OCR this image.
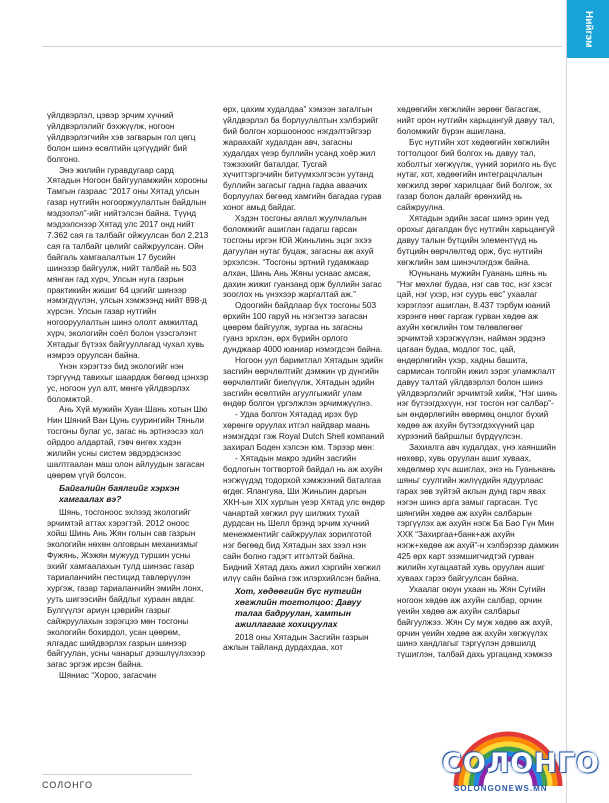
Нийгэм

үйлдвэрлэл, цэвэр эрчим хүчний үйлдвэрлэлийг бэхжүүлж, ногоон үйлдвэрлэгчийн хэв загварын гол цөгц болон шинэ өсөлтийн цэгүүдийг бий болгоно.

Энэ жилийн гуравдугаар сард Хятадын Ногоон байгууламжийн хорооны Тамгын газраас “2017 оны Хятад улсын газар нутгийн ногооржуулалтын байдлын мэдээлэл”-ийг нийтэлсэн байна. Түүнд мэдээлснээр Хятад улс 2017 онд нийт 7.362 сая га талбайг ойжуулсан бол 2.213 сая га талбайг цөлийг сайжруулсан. Ойн байгаль хамгаалалтын 17 бусийн шинэзэр байгуулж, нийт талбай нь 503 мянган гад хүрч, Улсын нуга газрын практикийн жишиг 64 цэгийг шинээр нэмэгдүүлэн, улсын хэмжээнд нийт 898-д хүрсэн. Улсын газар нутгийн ногооруулалтын шинэ ололт амжилтад хүрч, экологийн соёл болон үзэсгэлэнт Хятадыг бүтээх байгууллагад чухал хувь нэмрээ оруулсан байна.

Үнэн хэрэгтээ бид экологийг нэн тэргүүнд тавихыг шаардаж бөгөөд цэнхэр ус, ногоон уул алт, мөнгө үйлдвэрлэх боломжтой.

Ань Хүй мужийн Хуан Шань хотын Шю Нин Шяний Ван Цунь суурингийн Тяньли тосгоны булаг ус, загас нь эртнээсээ хол ойрдоо алдартай, гэвч өнгөх хэдэн жилийн усны систем эвдэрдэснээс шалтгаалан маш олон айлуудын загасан цөөрөм үгүй болсон.

Байгалийн баялгийг хэрхэн хамгаалах вэ?

Шянь, тосгоноос эхлээд экологийг эрчимтэй аттах хэрэгтэй. 2012 оноос хойш Шинь Ань Жян голын сав газрын экологийн нөхөн олговрын механизмыг Фужянь, Жэжян мужууд туршин усны эхийг хамгаалахын тулд шинэас газар тариаланчийн пестицид тавлөрүүлэн хургэж, газар тариаланчийн эмийн лонх, ууть шигээсийн байдлыг хураан авдаг. Булгүүлэг ариун цэврийн газрыг сайжруулахын зэрэгцээ мөн тосгоны экологийн бохирдол, усан цөөрөм, ялгадас шийдвэрлэх газрын шинээр байгуулан, усны чанарыг дээшлүүлэхээр загас эргэж ирсэн байна.

Шяниас “Хороо, загасчин

өрх, цахим худалдаа” хэмээн загалгын үйлдвэрлэл ба борлуулалтын хэлбэрийг бий болгон хоршооноос нэгдэлтэйгээр жараахайг худалдан авч, загасны худалдах үеэр буллийн усанд хоёр жил тэжээхийг баталдаг. Тусгай хүчиттэргэчийн битүүмхэлгэсэн уутанд буллийн загасыг гадна гадаа аваачих борлуулах бөгөөд хамгийн багадаа гурав хоног амьд байдаг.

Хэдэн тосгоны аялал жуулчлалын боломжийг ашиглан гадагш гарсан тосгоны иргэн Юй Жиньлинь эцэг эхээ дагуулан нутаг буцаж, загасны аж ахуй эрхэлсэн. “Тосгоны эртний гудамжаар алхан, Шинь Ань Жяны уснаас амсаж, дахин жижиг гуанзанд орж буллийн загас зооглох нь үнэхээр жаргалтай аж.”

Одоогийн байдлаар бүх тосгоны 503 өрхийн 100 гаруй нь нэгэнтээ загасан цөөрөм байгуулж, зургаа нь загасны гуанз эрхлэн, өрх бүрийн орлого дунджаар 4000 юаниар нэмэгдсэн байна.

Ногоон уул баримтлал Хятадын эдийн засгийн өөрчлөлтийг дэмжин үр дүнгийн өөрчлөлтийг биелүүлж, Хятадын эдийн засгийн өсөлтийн агуулгыжийг улам өндөр болгон үргэлжлэн эрчимжүүлнэ.

- Удаа болгон Хятадад ирэх бүр хөрөнгө оруулах итгэл найдвар маань нэмэгддэг гэж Royal Dutch Shell компаний захирал Боден хэлсэн юм. Тэрээр мөн:

- Хятадын макро эдийн засгийн бодлогын тогтвортой байдал нь аж ахуйн нэгжүүдэд тодорхой хэмжээний баталгаа өгдөг. Ялангуяа, Ши Жиньпин даргын ХКН-ын XIX хурлын үеэр Хятад улс өндөр чанартай хөгжил рүү шилжих тухай дурдсан нь Шелл брэнд эрчим хүчний менежментийг сайжруулах зорилготой нэг бөгөөд бид Хятадын зах зээл нэн сайн болно гэдэгт итгэлтэй байна. Бидний Хятад дахь ажил хэргийн хөгжил илүү сайн байна гэж илэрхийлсэн байна.

Хот, хөдөөгийн бүс нутгийн хөгжлийн тогтолцоо: Давуу талаа бадруулан, хамтын ажиллагааг хохицуулах

2018 оны Хятадын Засгийн газрын ажлын тайланд дурдахдаа, хот

хөдөөгийн хөгжлийн зөрөөг багасгаж, нийт орон нутгийн харьцангуй давуу тал, боломжийг бүрэн ашиглана.

Бүс нутгийн хот хөдөөгийн хөгжлийн тогтолцоог бий болгох нь давуу тал, хоболтыг хөгжүүлж, үүний зорилго нь бүс нутаг, хот, хөдөөгийн интеграцчлалын хөгжилд зөрөг харилцааг бий болгож, эх газар болон далайг өрөнхийд нь сайжруулна.

Хятадын эдийн засаг шинэ эрин үед орохыг дагалдан бүс нутгийн харьцангуй давуу талын бүтцийн элементүүд нь бүтцийн өөрчлөлтөд орж, бүс нутгийн хөгжлийн зам шинэчлэгдэж байна.

Юүньнань мужийн Гуанань шянь нь “Нэг мөхлөг будаа, нэг сав тос, нэг хэсэг цай, нэг үхэр, нэг суурь евс” ухаалаг хэрэглээг ашиглан, 8.437 тэрбум юаний хэрэнгө нөөг гаргаж гурван хөдөө аж ахуйн хөгжлийн том төлөвлөгөөг эрчимтэй хэрэгжүүлэн, найман эрдэнэ цагаан будаа, модлог тос, цай, өндөрлөгийн үхэр, хадны башита, сармисан толгойн ижил зэрэг уламжлалт давуу талтай үйлдвэрлэл болон шинэ үйлдвэрлэлийг эрчимтэй хийж, “Нэг шинь нэг бүтээгдэхүүн, нэг тосгон нэг салбар”-ын өндөрлөгийн өвөрмөц онцлог бүхий хөдөө аж ахуйн бүтээгдэхүүний цар хүрээний байршлыг бүрдүүлсэн.

Захиалга авч худалдах, үнэ хаяншийн нөхөвр, хувь оруулан ашиг хуваах, хөдөлмөр хүч ашиглах, энэ нь Гуаньнань шяньг суулгийн жилүүдийн ядуурлаас гарах зөв зүйтэй аклын дунд гарч явах нэгэн шинэ арга замыг гаргасан. Түс шянгийн хөдөө аж ахуйн салбарын тэргүүлэх аж ахуйн нэгж Ба Бао Гүн Мин ХХК “Захиргаа+банк+аж ахуйн нэгж+хөдөө аж ахуй”-н хэлбэрээр дамжин 425 өрх карт эзэмшигчидтэй гурван жилийн хугацаатай хувь оруулан ашиг хуваах гэрээ байгуулсан байна.

Ухаалаг оюун ухаан нь Жян Сугийн ногоон хөдөө аж ахуйн салбар, орчин үеийн хөдөө аж ахуйн салбарыг байгуулжээ. Жян Су муж хөдөө аж ахуй, орчин үеийн хөдөө аж ахуйн хөгжүүлэх шинэ хандлагыг тэргүүлэн дэвшилд түшиглэн, талбай дахь ургацанд хэмжээ

СОЛОНГО
СОЛОНГО
SOLONGONEWS.MN
